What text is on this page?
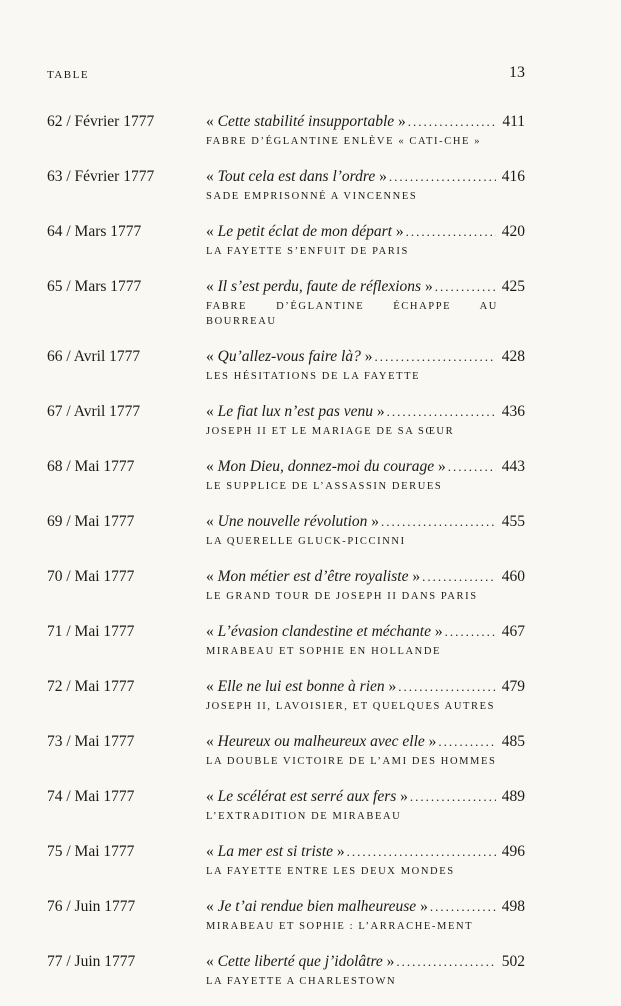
TABLE	13
62 / Février 1777	« Cette stabilité insupportable » .....	411
FABRE D’ÉGLANTINE ENLÈVE « CATI-CHE »
63 / Février 1777	« Tout cela est dans l’ordre » .....	416
SADE EMPRISONNÉ A VINCENNES
64 / Mars 1777	« Le petit éclat de mon départ » .....	420
LA FAYETTE S’ENFUIT DE PARIS
65 / Mars 1777	« Il s’est perdu, faute de réflexions » .....	425
FABRE D’ÉGLANTINE ÉCHAPPE AU BOURREAU
66 / Avril 1777	« Qu’allez-vous faire là? » .....	428
LES HÉSITATIONS DE LA FAYETTE
67 / Avril 1777	« Le fiat lux n’est pas venu » .....	436
JOSEPH II ET LE MARIAGE DE SA SŒUR
68 / Mai 1777	« Mon Dieu, donnez-moi du courage » .....	443
LE SUPPLICE DE L’ASSASSIN DERUES
69 / Mai 1777	« Une nouvelle révolution » .....	455
LA QUERELLE GLUCK-PICCINNI
70 / Mai 1777	« Mon métier est d’être royaliste » .....	460
LE GRAND TOUR DE JOSEPH II DANS PARIS
71 / Mai 1777	« L’évasion clandestine et méchante » .....	467
MIRABEAU ET SOPHIE EN HOLLANDE
72 / Mai 1777	« Elle ne lui est bonne à rien » .....	479
JOSEPH II, LAVOISIER, ET QUELQUES AUTRES
73 / Mai 1777	« Heureux ou malheureux avec elle » .....	485
LA DOUBLE VICTOIRE DE L’AMI DES HOMMES
74 / Mai 1777	« Le scélérat est serré aux fers » .....	489
L’EXTRADITION DE MIRABEAU
75 / Mai 1777	« La mer est si triste » .....	496
LA FAYETTE ENTRE LES DEUX MONDES
76 / Juin 1777	« Je t’ai rendue bien malheureuse » .....	498
MIRABEAU ET SOPHIE : L’ARRACHE-MENT
77 / Juin 1777	« Cette liberté que j’idolâtre » .....	502
LA FAYETTE A CHARLESTOWN
